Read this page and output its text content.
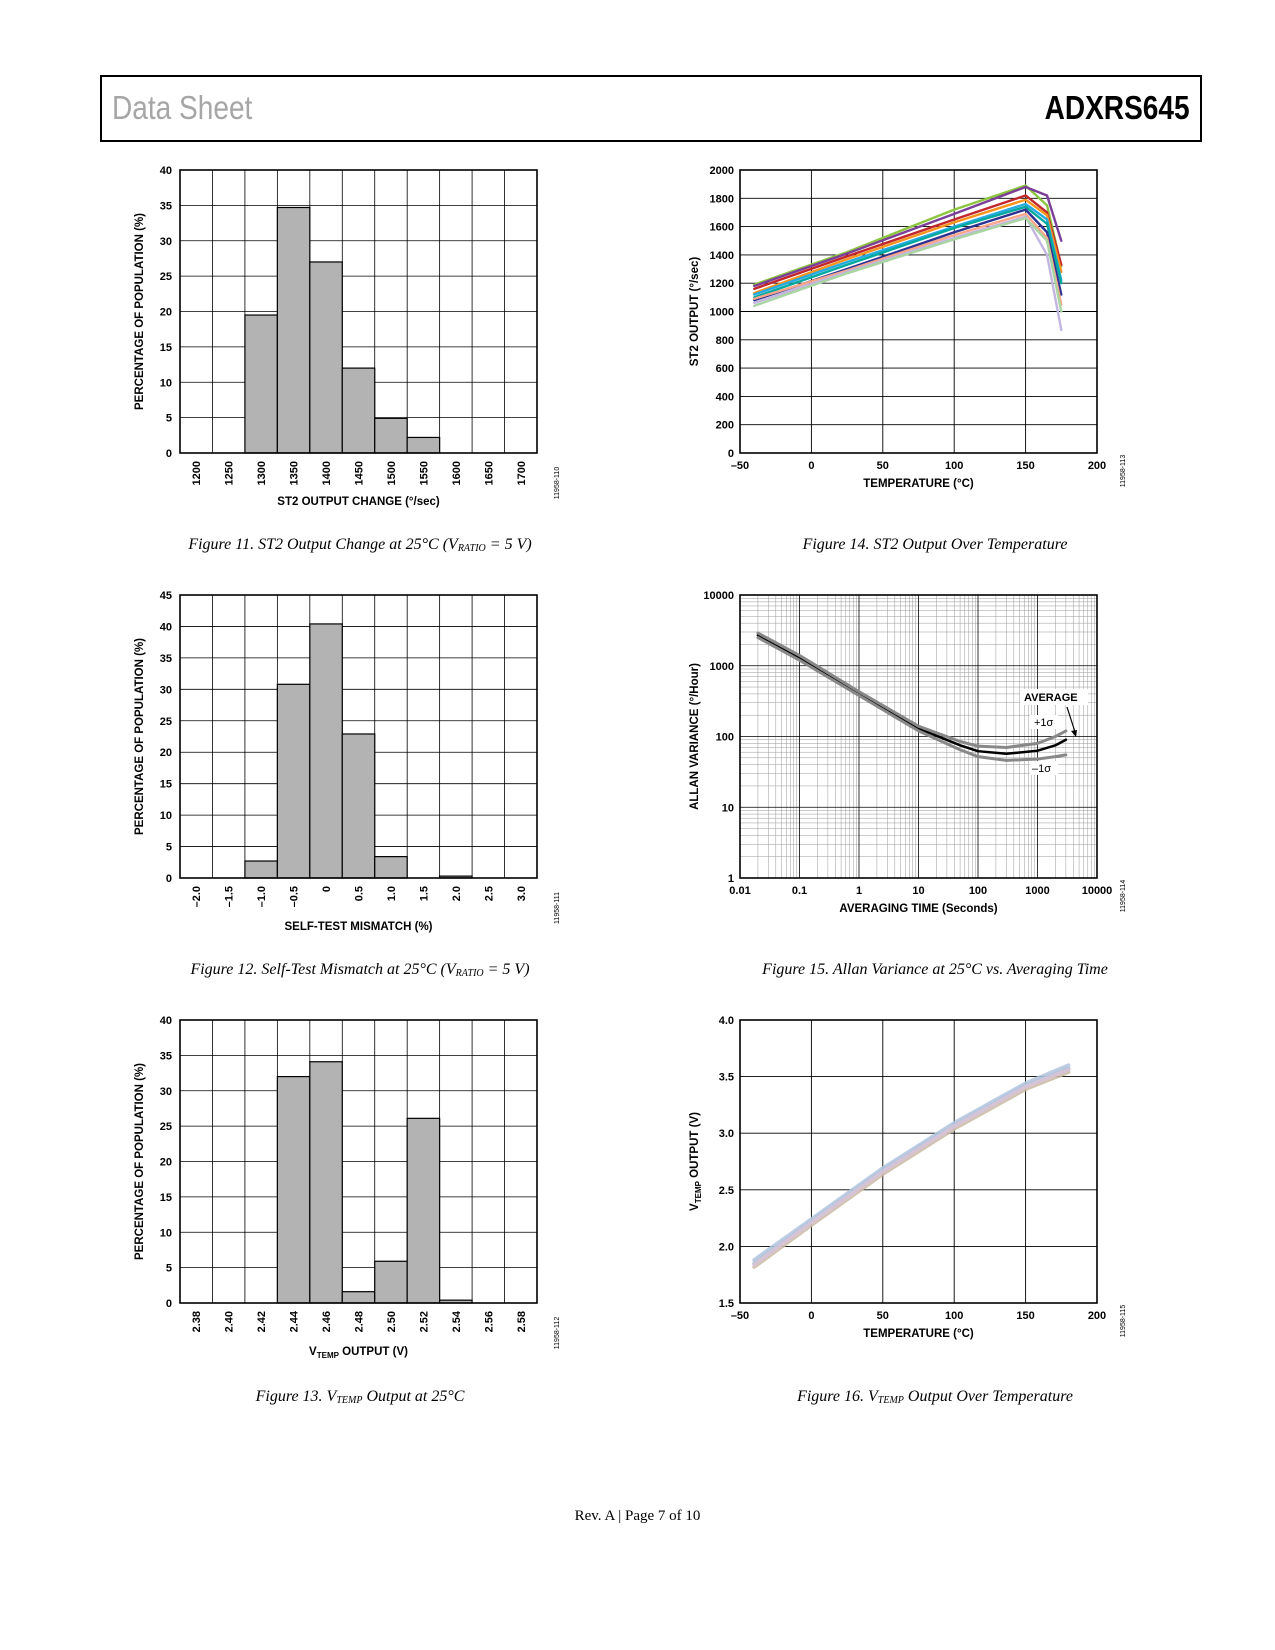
Data Sheet	ADXRS645
0
5
10
15
20
25
30
35
40
1200 1250 1300 1350 1400 1450 1500 1550 1600 1650 1700
ST2 OUTPUT CHANGE (°/sec)
PERCENTAGE OF POPULATION (%)
11958-110
–50	0	50	100	150	200
0
200
400
600
800
1000
1200
1400
1600
1800
2000
TEMPERATURE (°C)
ST2 OUTPUT (°/sec)
11958-113
0
5
10
15
20
25
30
35
40
45
–2.0 –1.5 –1.0 –0.5 0 0.5 1.0 1.5 2.0 2.5 3.0
SELF-TEST MISMATCH (%)
PERCENTAGE OF POPULATION (%)
11958-111
0.01	0.1	1	10	100	1000	10000
1
10
100
1000
10000
AVERAGE
+1σ
–1σ
AVERAGING TIME (Seconds)
ALLAN VARIANCE (°/Hour)
11958-114
0
5
10
15
20
25
30
35
40
2.38 2.40 2.42 2.44 2.46 2.48 2.50 2.52 2.54 2.56 2.58
$V_{TEMP}$ OUTPUT (V)
PERCENTAGE OF POPULATION (%)
11958-112
–50	0	50	100	150	200
1.5
2.0
2.5
3.0
3.5
4.0
TEMPERATURE (°C)
$V_{TEMP}$ OUTPUT (V)
11958-115
Figure 11. ST2 Output Change at 25°C ($V_{RATIO} = 5$ V)	Figure 14. ST2 Output Over Temperature
Figure 12. Self-Test Mismatch at 25°C ($V_{RATIO} = 5$ V)	Figure 15. Allan Variance at 25°C vs. Averaging Time
Figure 13. $V_{TEMP}$ Output at 25°C	Figure 16. $V_{TEMP}$ Output Over Temperature
Rev. A | Page 7 of 10
